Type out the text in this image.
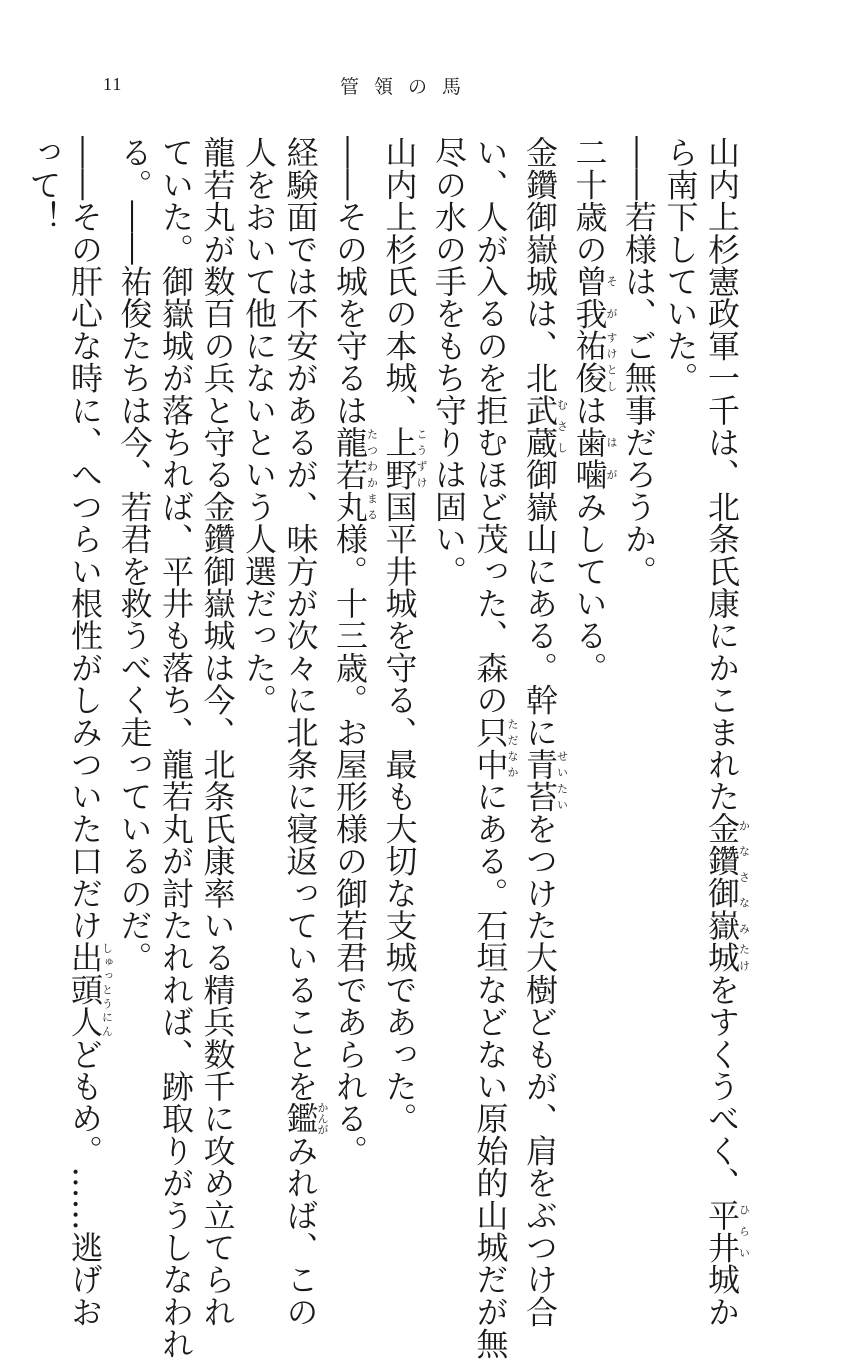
11	管領の馬
山内上杉憲政軍一千は、北条氏康にかこまれた金鑽御嶽かなさなみ城たけをすくうべく、平井ひらい城か
ら南下していた。
――若様は、ご無事だろうか。
二十歳の曾我そが祐俊すけとしは歯は噛がみしている。
金鑽御嶽城は、北武蔵むさし御嶽山にある。幹に青苔せいたいをつけた大樹どもが、肩をぶつけ合
い、人が入るのを拒むほど茂った、森の只中ただなかにある。石垣などない原始的山城だが無
尽の水の手をもち守りは固い。
山内上杉氏の本城、上野こうずけ国平井城を守る、最も大切な支城であった。
――その城を守るは龍若丸たつわかまる様。十三歳。お屋形様の御若君であられる。
経験面では不安があるが、味方が次々に北条に寝返っていることを鑑かんがみれば、この
人をおいて他にないという人選だった。
龍若丸が数百の兵と守る金鑽御嶽城は今、北条氏康率いる精兵数千に攻め立てられ
ていた。御嶽城が落ちれば、平井も落ち、龍若丸が討たれれば、跡取りがうしなわれ
る。――祐俊たちは今、若君を救うべく走っているのだ。
――その肝心な時に、へつらい根性がしみついた口だけ出頭人しゅっとうにんどもめ。……逃げお
って！
